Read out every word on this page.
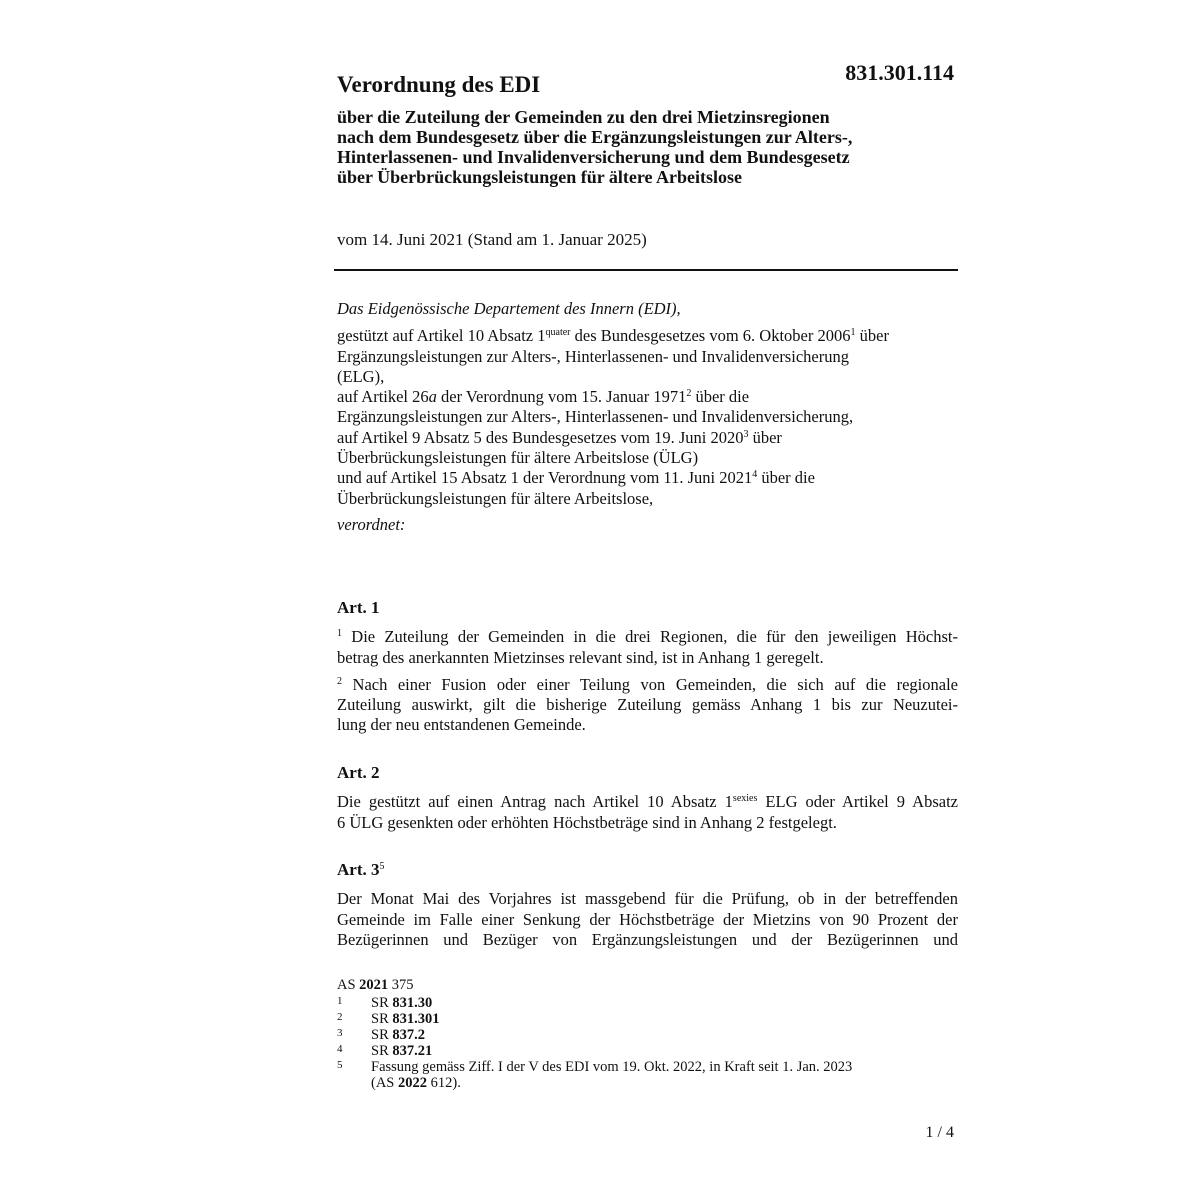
831.301.114
Verordnung des EDI
über die Zuteilung der Gemeinden zu den drei Mietzinsregionen
nach dem Bundesgesetz über die Ergänzungsleistungen zur Alters-,
Hinterlassenen- und Invalidenversicherung und dem Bundesgesetz
über Überbrückungsleistungen für ältere Arbeitslose
vom 14. Juni 2021 (Stand am 1. Januar 2025)
Das Eidgenössische Departement des Innern (EDI),
gestützt auf Artikel 10 Absatz $1^{quater}$ des Bundesgesetzes vom 6. Oktober 2006$^1$ über
Ergänzungsleistungen zur Alters-, Hinterlassenen- und Invalidenversicherung
(ELG),
auf Artikel 26a der Verordnung vom 15. Januar 1971$^2$ über die
Ergänzungsleistungen zur Alters-, Hinterlassenen- und Invalidenversicherung,
auf Artikel 9 Absatz 5 des Bundesgesetzes vom 19. Juni 2020$^3$ über
Überbrückungsleistungen für ältere Arbeitslose (ÜLG)
und auf Artikel 15 Absatz 1 der Verordnung vom 11. Juni 2021$^4$ über die
Überbrückungsleistungen für ältere Arbeitslose,
verordnet:
Art. 1
$^1$ Die Zuteilung der Gemeinden in die drei Regionen, die für den jeweiligen Höchst-
betrag des anerkannten Mietzinses relevant sind, ist in Anhang 1 geregelt.
$^2$ Nach einer Fusion oder einer Teilung von Gemeinden, die sich auf die regionale
Zuteilung auswirkt, gilt die bisherige Zuteilung gemäss Anhang 1 bis zur Neuzutei-
lung der neu entstandenen Gemeinde.
Art. 2
Die gestützt auf einen Antrag nach Artikel 10 Absatz $1^{sexies}$ ELG oder Artikel 9 Absatz
6 ÜLG gesenkten oder erhöhten Höchstbeträge sind in Anhang 2 festgelegt.
Art. 3$^5$
Der Monat Mai des Vorjahres ist massgebend für die Prüfung, ob in der betreffenden
Gemeinde im Falle einer Senkung der Höchstbeträge der Mietzins von 90 Prozent der
Bezügerinnen und Bezüger von Ergänzungsleistungen und der Bezügerinnen und
AS 2021 375
1	SR 831.30
2	SR 831.301
3	SR 837.2
4	SR 837.21
5	Fassung gemäss Ziff. I der V des EDI vom 19. Okt. 2022, in Kraft seit 1. Jan. 2023
(AS 2022 612).
1 / 4
